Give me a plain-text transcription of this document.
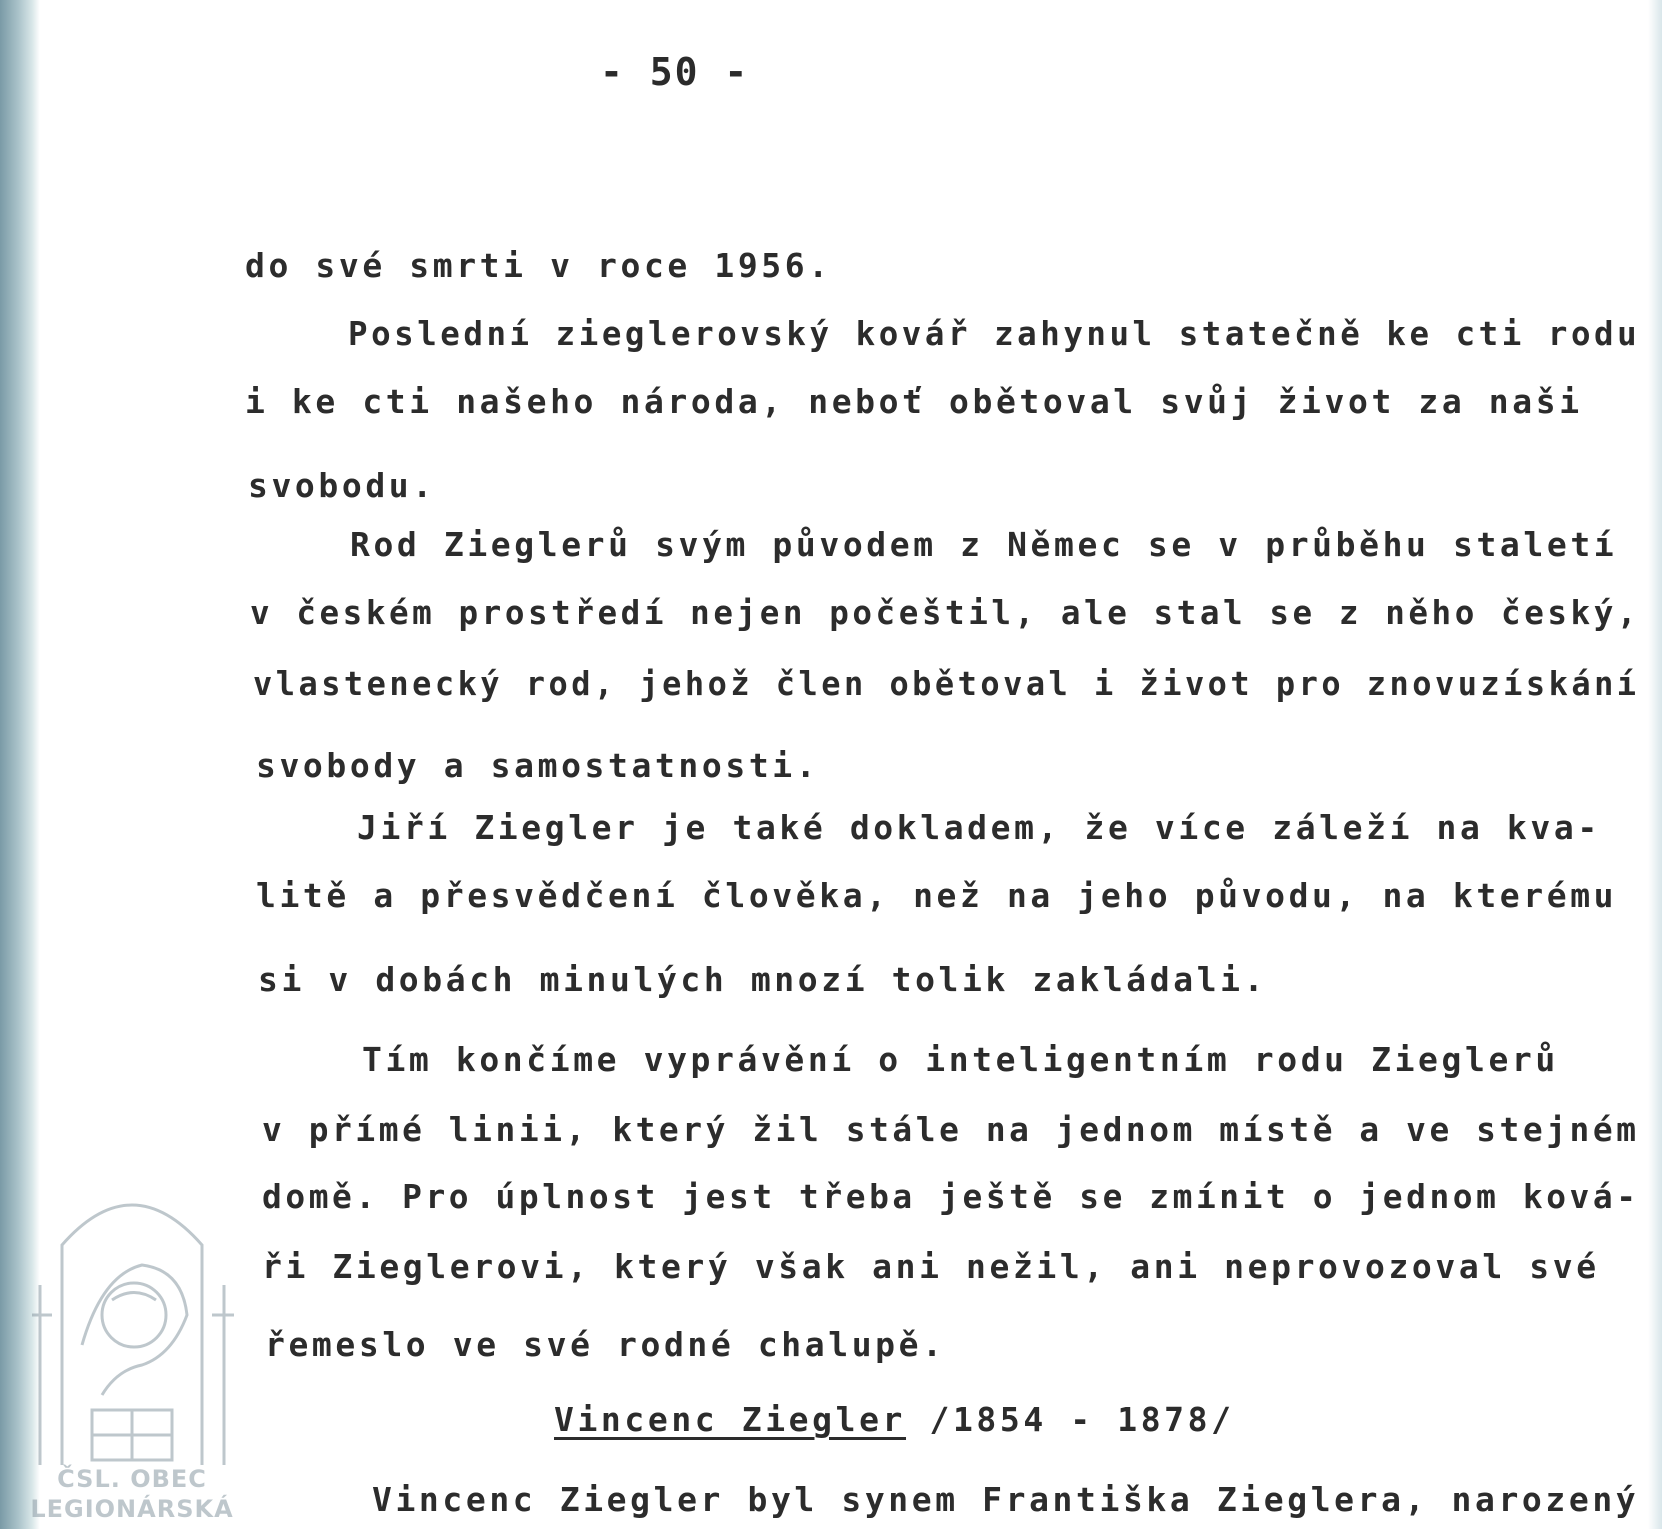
- 50 -
do své smrti v roce 1956.
Poslední zieglerovský kovář zahynul statečně ke cti rodu
i ke cti našeho národa, neboť obětoval svůj život za naši
svobodu.
Rod Zieglerů svým původem z Němec se v průběhu staletí
v českém prostředí nejen počeštil, ale stal se z něho český,
vlastenecký rod, jehož člen obětoval i život pro znovuzískání
svobody a samostatnosti.
Jiří Ziegler je také dokladem, že více záleží na kva-
litě a přesvědčení člověka, než na jeho původu, na kterému
si v dobách minulých mnozí tolik zakládali.
Tím končíme vyprávění o inteligentním rodu Zieglerů
v přímé linii, který žil stále na jednom místě a ve stejném
domě. Pro úplnost jest třeba ještě se zmínit o jednom ková-
ři Zieglerovi, který však ani nežil, ani neprovozoval své
řemeslo ve své rodné chalupě.
Vincenc Ziegler /1854 - 1878/
Vincenc Ziegler byl synem Františka Zieglera, narozený
ČSL. OBEC
LEGIONÁRSKÁ
